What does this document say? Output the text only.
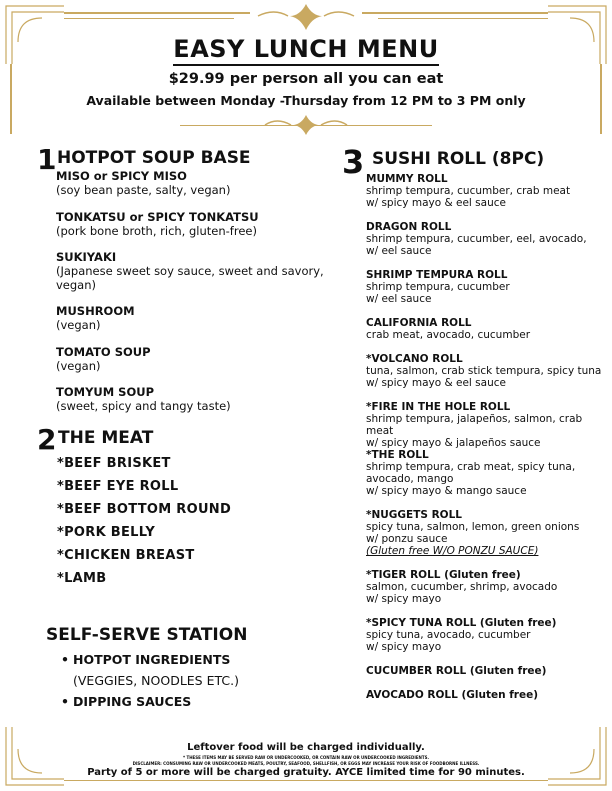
EASY LUNCH MENU
$29.99 per person all you can eat
Available between Monday -Thursday from 12 PM to 3 PM only
1 HOTPOT SOUP BASE
MISO or SPICY MISO
(soy bean paste, salty, vegan)
TONKATSU or SPICY TONKATSU
(pork bone broth, rich, gluten-free)
SUKIYAKI
(Japanese sweet soy sauce, sweet and savory, vegan)
MUSHROOM
(vegan)
TOMATO SOUP
(vegan)
TOMYUM SOUP
(sweet, spicy and tangy taste)
2 THE MEAT
*BEEF BRISKET
*BEEF EYE ROLL
*BEEF BOTTOM ROUND
*PORK BELLY
*CHICKEN BREAST
*LAMB
SELF-SERVE STATION
• HOTPOT INGREDIENTS
(VEGGIES, NOODLES ETC.)
• DIPPING SAUCES
3 SUSHI ROLL (8PC)
MUMMY ROLL
shrimp tempura, cucumber, crab meat
w/ spicy mayo & eel sauce
DRAGON ROLL
shrimp tempura, cucumber, eel, avocado,
w/ eel sauce
SHRIMP TEMPURA ROLL
shrimp tempura, cucumber
w/ eel sauce
CALIFORNIA ROLL
crab meat, avocado, cucumber
*VOLCANO ROLL
tuna, salmon, crab stick tempura, spicy tuna
w/ spicy mayo & eel sauce
*FIRE IN THE HOLE ROLL
shrimp tempura, jalapeños, salmon, crab meat
w/ spicy mayo & jalapeños sauce
*THE ROLL
shrimp tempura, crab meat, spicy tuna,
avocado, mango
w/ spicy mayo & mango sauce
*NUGGETS ROLL
spicy tuna, salmon, lemon, green onions
w/ ponzu sauce
(Gluten free W/O PONZU SAUCE)
*TIGER ROLL (Gluten free)
salmon, cucumber, shrimp, avocado
w/ spicy mayo
*SPICY TUNA ROLL (Gluten free)
spicy tuna, avocado, cucumber
w/ spicy mayo
CUCUMBER ROLL (Gluten free)
AVOCADO ROLL (Gluten free)
Leftover food will be charged individually.
* THESE ITEMS MAY BE SERVED RAW OR UNDERCOOKED, OR CONTAIN RAW OR UNDERCOOKED INGREDIENTS.
DISCLAIMER: CONSUMING RAW OR UNDERCOOKED MEATS, POULTRY, SEAFOOD, SHELLFISH, OR EGGS MAY INCREASE YOUR RISK OF FOODBORNE ILLNESS.
Party of 5 or more will be charged gratuity. AYCE limited time for 90 minutes.
